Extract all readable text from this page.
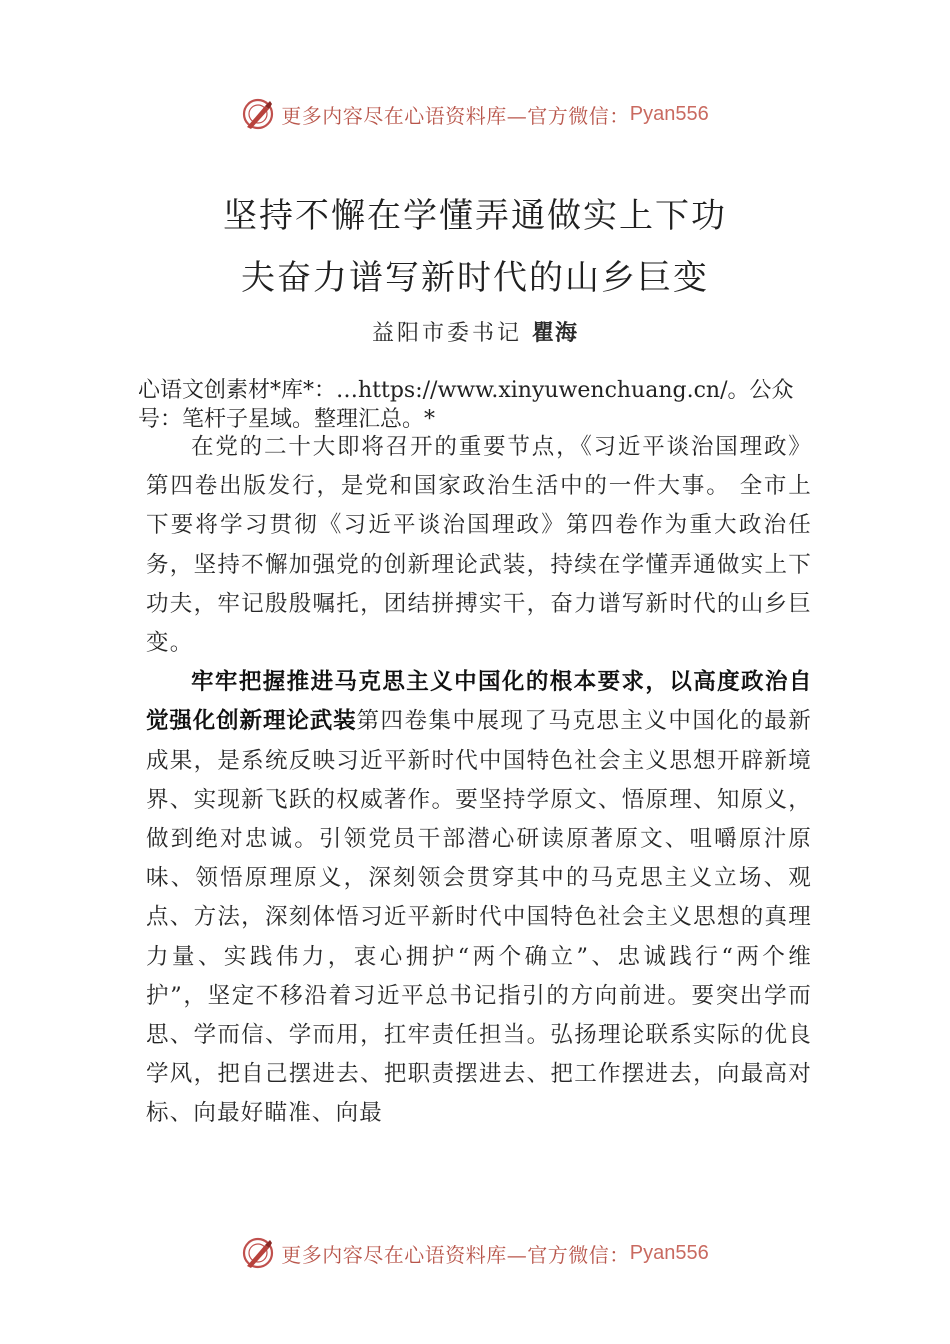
更多内容尽在心语资料库—官方微信： Pyan556
坚持不懈在学懂弄通做实上下功
夫奋力谱写新时代的山乡巨变
益阳市委书记 瞿海
心语文创素材*库*：…https://www.xinyuwenchuang.cn/。公众号：笔杆子星域。整理汇总。*

在党的二十大即将召开的重要节点，《习近平谈治国理政》第四卷出版发行，是党和国家政治生活中的一件大事。 全市上下要将学习贯彻《习近平谈治国理政》第四卷作为重大政治任务，坚持不懈加强党的创新理论武装，持续在学懂弄通做实上下功夫，牢记殷殷嘱托，团结拼搏实干，奋力谱写新时代的山乡巨变。

牢牢把握推进马克思主义中国化的根本要求，以高度政治自觉强化创新理论武装第四卷集中展现了马克思主义中国化的最新成果，是系统反映习近平新时代中国特色社会主义思想开辟新境界、实现新飞跃的权威著作。要坚持学原文、悟原理、知原义，做到绝对忠诚。引领党员干部潜心研读原著原文、咀嚼原汁原味、领悟原理原义，深刻领会贯穿其中的马克思主义立场、观点、方法，深刻体悟习近平新时代中国特色社会主义思想的真理力量、实践伟力，衷心拥护“两个确立”、忠诚践行“两个维护”，坚定不移沿着习近平总书记指引的方向前进。要突出学而思、学而信、学而用，扛牢责任担当。弘扬理论联系实际的优良学风，把自己摆进去、把职责摆进去、把工作摆进去，向最高对标、向最好瞄准、向最

更多内容尽在心语资料库—官方微信： Pyan556
